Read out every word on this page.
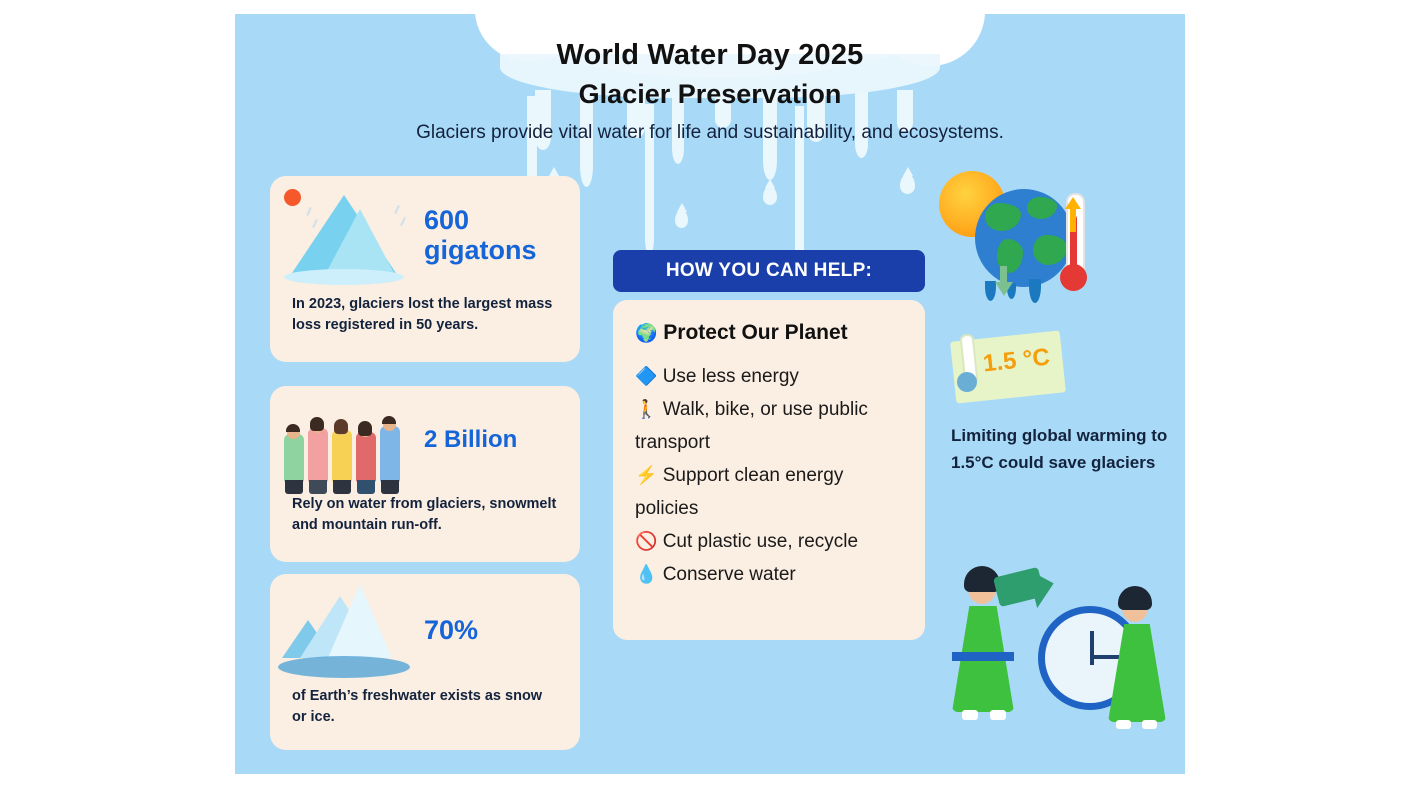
World Water Day 2025
Glacier Preservation
Glaciers provide vital water for life and sustainability, and ecosystems.
600
gigatons
In 2023, glaciers lost the largest mass loss registered in 50 years.
2 Billion
Rely on water from glaciers, snowmelt and mountain run-off.
70%
of Earth’s freshwater exists as snow or ice.
HOW YOU CAN HELP:
🌍 Protect Our Planet
🔷 Use less energy
🚶 Walk, bike, or use public transport
⚡ Support clean energy policies
🚫 Cut plastic use, recycle
💧 Conserve water
1.5 °C
Limiting global warming to 1.5°C could save glaciers
